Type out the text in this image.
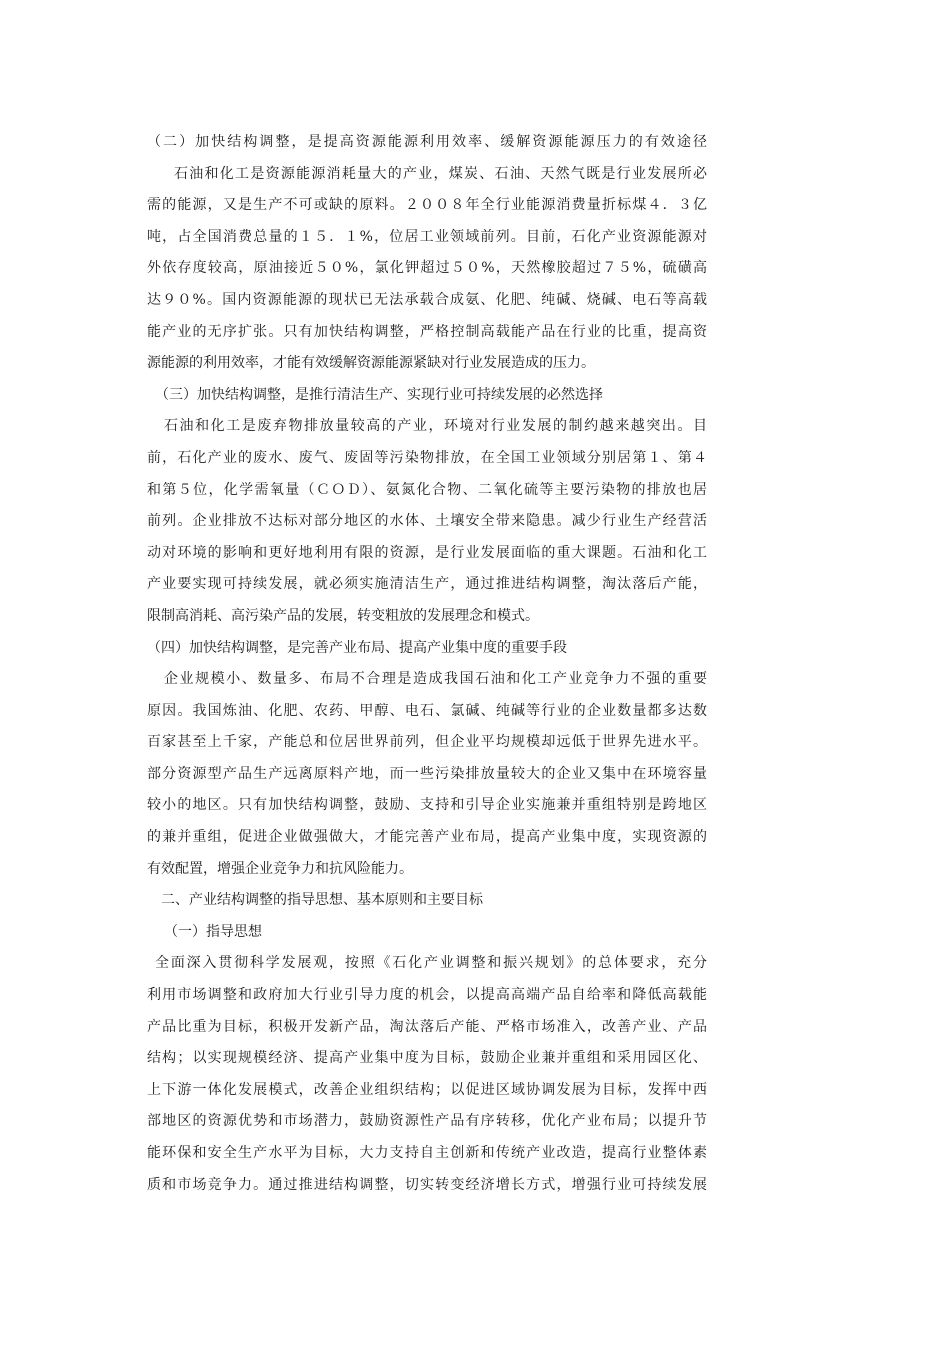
（二）加快结构调整，是提高资源能源利用效率、缓解资源能源压力的有效途径
石油和化工是资源能源消耗量大的产业，煤炭、石油、天然气既是行业发展所必
需的能源，又是生产不可或缺的原料。２００８年全行业能源消费量折标煤４．３亿
吨，占全国消费总量的１５．１%，位居工业领域前列。目前，石化产业资源能源对
外依存度较高，原油接近５０%，氯化钾超过５０%，天然橡胶超过７５%，硫磺高
达９０%。国内资源能源的现状已无法承载合成氨、化肥、纯碱、烧碱、电石等高载
能产业的无序扩张。只有加快结构调整，严格控制高载能产品在行业的比重，提高资
源能源的利用效率，才能有效缓解资源能源紧缺对行业发展造成的压力。
（三）加快结构调整，是推行清洁生产、实现行业可持续发展的必然选择
石油和化工是废弃物排放量较高的产业，环境对行业发展的制约越来越突出。目
前，石化产业的废水、废气、废固等污染物排放，在全国工业领域分别居第１、第４
和第５位，化学需氧量（ＣＯＤ）、氨氮化合物、二氧化硫等主要污染物的排放也居
前列。企业排放不达标对部分地区的水体、土壤安全带来隐患。减少行业生产经营活
动对环境的影响和更好地利用有限的资源，是行业发展面临的重大课题。石油和化工
产业要实现可持续发展，就必须实施清洁生产，通过推进结构调整，淘汰落后产能，
限制高消耗、高污染产品的发展，转变粗放的发展理念和模式。
（四）加快结构调整，是完善产业布局、提高产业集中度的重要手段
企业规模小、数量多、布局不合理是造成我国石油和化工产业竞争力不强的重要
原因。我国炼油、化肥、农药、甲醇、电石、氯碱、纯碱等行业的企业数量都多达数
百家甚至上千家，产能总和位居世界前列，但企业平均规模却远低于世界先进水平。
部分资源型产品生产远离原料产地，而一些污染排放量较大的企业又集中在环境容量
较小的地区。只有加快结构调整，鼓励、支持和引导企业实施兼并重组特别是跨地区
的兼并重组，促进企业做强做大，才能完善产业布局，提高产业集中度，实现资源的
有效配置，增强企业竞争力和抗风险能力。
二、产业结构调整的指导思想、基本原则和主要目标
（一）指导思想
全面深入贯彻科学发展观，按照《石化产业调整和振兴规划》的总体要求，充分
利用市场调整和政府加大行业引导力度的机会，以提高高端产品自给率和降低高载能
产品比重为目标，积极开发新产品，淘汰落后产能、严格市场准入，改善产业、产品
结构；以实现规模经济、提高产业集中度为目标，鼓励企业兼并重组和采用园区化、
上下游一体化发展模式，改善企业组织结构；以促进区域协调发展为目标，发挥中西
部地区的资源优势和市场潜力，鼓励资源性产品有序转移，优化产业布局；以提升节
能环保和安全生产水平为目标，大力支持自主创新和传统产业改造，提高行业整体素
质和市场竞争力。通过推进结构调整，切实转变经济增长方式，增强行业可持续发展
